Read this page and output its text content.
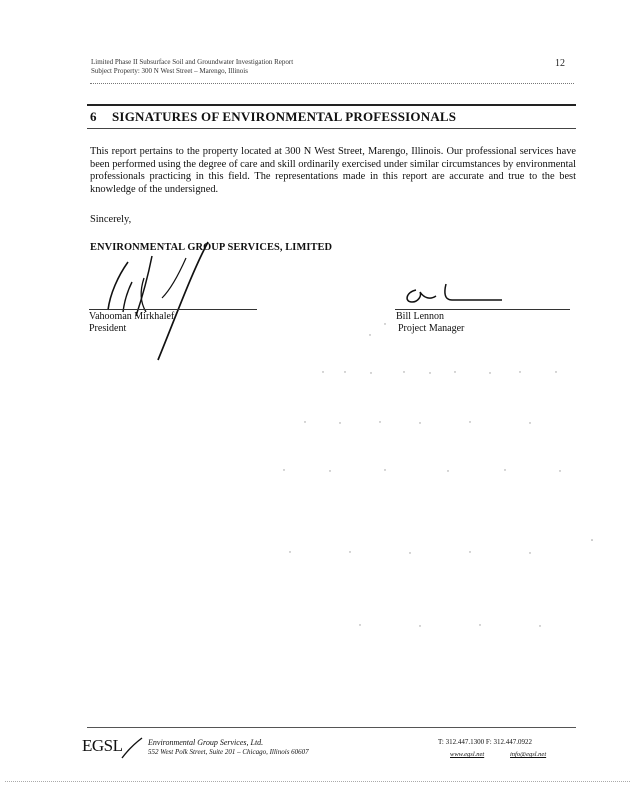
Limited Phase II Subsurface Soil and Groundwater Investigation Report
Subject Property: 300 N West Street – Marengo, Illinois
12
6 SIGNATURES OF ENVIRONMENTAL PROFESSIONALS
This report pertains to the property located at 300 N West Street, Marengo, Illinois. Our professional services have been performed using the degree of care and skill ordinarily exercised under similar circumstances by environmental professionals practicing in this field. The representations made in this report are accurate and true to the best knowledge of the undersigned.
Sincerely,
ENVIRONMENTAL GROUP SERVICES, LIMITED
Vahooman Mirkhalef
President
Bill Lennon
Project Manager
EGSL	Environmental Group Services, Ltd.
552 West Polk Street, Suite 201 – Chicago, Illinois 60607
T: 312.447.1300 F: 312.447.0922
www.egsl.net	info@egsl.net
